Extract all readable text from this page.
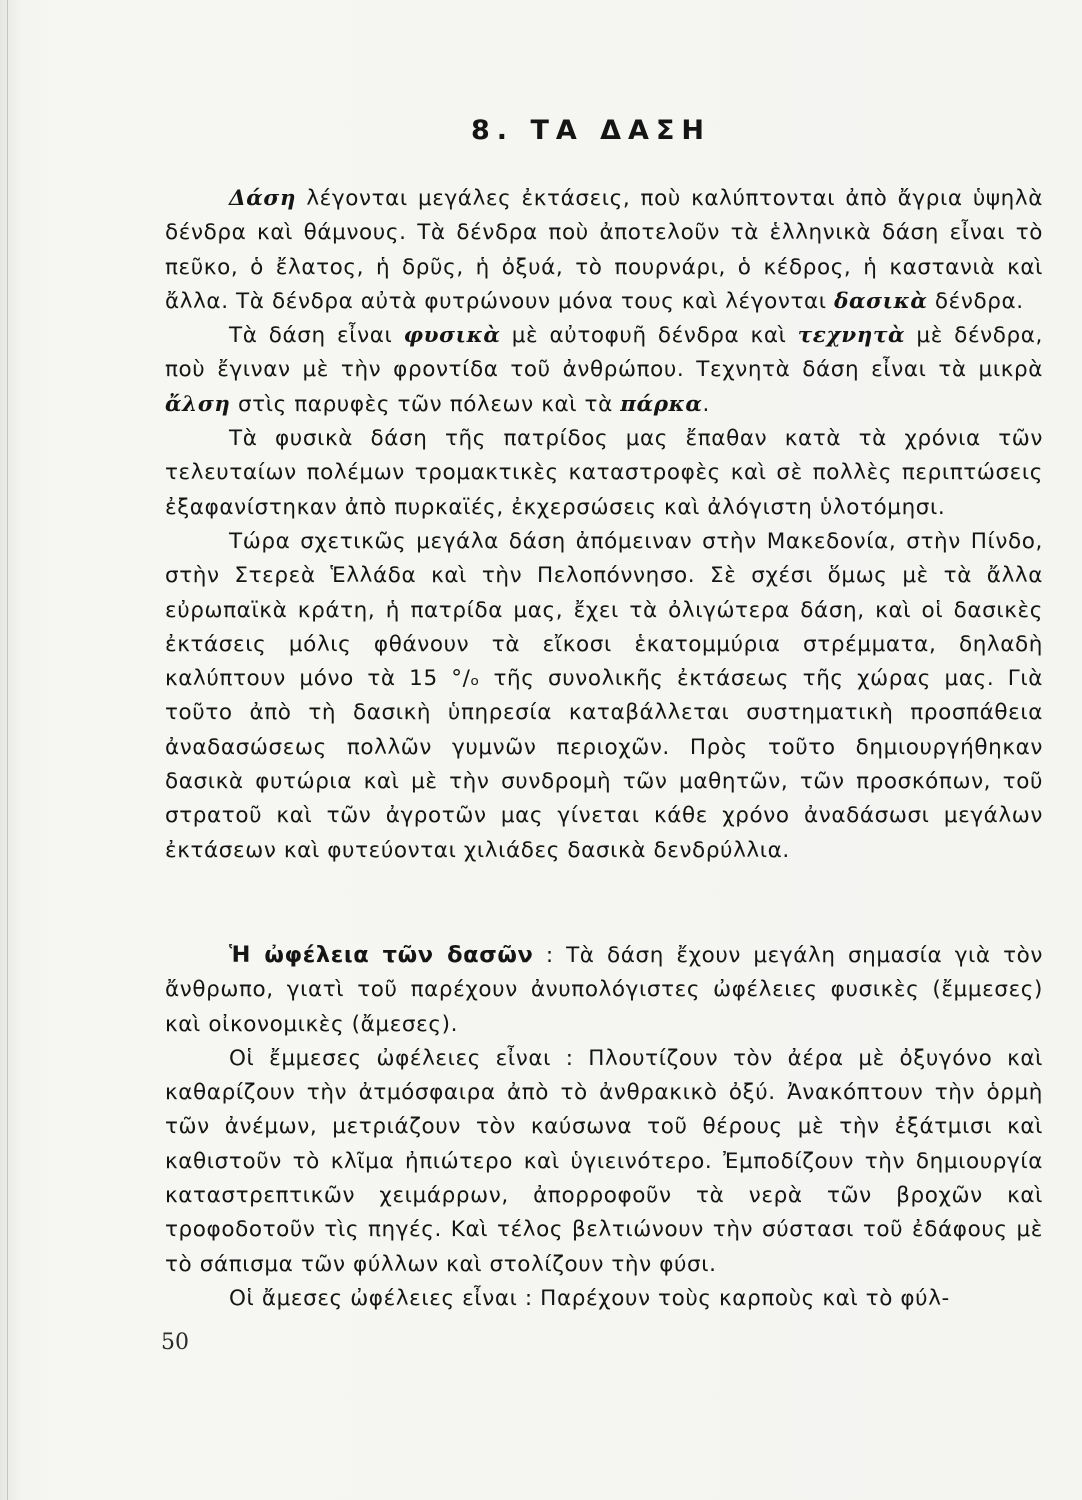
8. ΤΑ ΔΑΣΗ

Δάση λέγονται μεγάλες ἐκτάσεις, ποὺ καλύπτονται ἀπὸ ἄγρια ὑψηλὰ δένδρα καὶ θάμνους. Τὰ δένδρα ποὺ ἀποτελοῦν τὰ ἑλληνικὰ δάση εἶναι τὸ πεῦκο, ὁ ἔλατος, ἡ δρῦς, ἡ ὀξυά, τὸ πουρνάρι, ὁ κέδρος, ἡ καστανιὰ καὶ ἄλλα. Τὰ δένδρα αὐτὰ φυτρώνουν μόνα τους καὶ λέγονται δασικὰ δένδρα.

Τὰ δάση εἶναι φυσικὰ μὲ αὐτοφυῆ δένδρα καὶ τεχνητὰ μὲ δένδρα, ποὺ ἔγιναν μὲ τὴν φροντίδα τοῦ ἀνθρώπου. Τεχνητὰ δάση εἶναι τὰ μικρὰ ἄλση στὶς παρυφὲς τῶν πόλεων καὶ τὰ πάρκα.

Τὰ φυσικὰ δάση τῆς πατρίδος μας ἔπαθαν κατὰ τὰ χρόνια τῶν τελευταίων πολέμων τρομακτικὲς καταστροφὲς καὶ σὲ πολλὲς περιπτώσεις ἐξαφανίστηκαν ἀπὸ πυρκαϊές, ἐκχερσώσεις καὶ ἀλόγιστη ὑλοτόμησι.

Τώρα σχετικῶς μεγάλα δάση ἀπόμειναν στὴν Μακεδονία, στὴν Πίνδο, στὴν Στερεὰ Ἑλλάδα καὶ τὴν Πελοπόννησο. Σὲ σχέσι ὅμως μὲ τὰ ἄλλα εὐρωπαϊκὰ κράτη, ἡ πατρίδα μας, ἔχει τὰ ὀλιγώτερα δάση, καὶ οἱ δασικὲς ἐκτάσεις μόλις φθάνουν τὰ εἴκοσι ἑκατομμύρια στρέμματα, δηλαδὴ καλύπτουν μόνο τὰ 15 °/ₒ τῆς συνολικῆς ἐκτάσεως τῆς χώρας μας. Γιὰ τοῦτο ἀπὸ τὴ δασικὴ ὑπηρεσία καταβάλλεται συστηματικὴ προσπάθεια ἀναδασώσεως πολλῶν γυμνῶν περιοχῶν. Πρὸς τοῦτο δημιουργήθηκαν δασικὰ φυτώρια καὶ μὲ τὴν συνδρομὴ τῶν μαθητῶν, τῶν προσκόπων, τοῦ στρατοῦ καὶ τῶν ἀγροτῶν μας γίνεται κάθε χρόνο ἀναδάσωσι μεγάλων ἐκτάσεων καὶ φυτεύονται χιλιάδες δασικὰ δενδρύλλια.

Ἡ ὠφέλεια τῶν δασῶν : Τὰ δάση ἔχουν μεγάλη σημασία γιὰ τὸν ἄνθρωπο, γιατὶ τοῦ παρέχουν ἀνυπολόγιστες ὠφέλειες φυσικὲς (ἔμμεσες) καὶ οἰκονομικὲς (ἄμεσες).

Οἱ ἔμμεσες ὠφέλειες εἶναι : Πλουτίζουν τὸν ἀέρα μὲ ὀξυγόνο καὶ καθαρίζουν τὴν ἀτμόσφαιρα ἀπὸ τὸ ἀνθρακικὸ ὀξύ. Ἀνακόπτουν τὴν ὁρμὴ τῶν ἀνέμων, μετριάζουν τὸν καύσωνα τοῦ θέρους μὲ τὴν ἐξάτμισι καὶ καθιστοῦν τὸ κλῖμα ἠπιώτερο καὶ ὑγιεινότερο. Ἐμποδίζουν τὴν δημιουργία καταστρεπτικῶν χειμάρρων, ἀπορροφοῦν τὰ νερὰ τῶν βροχῶν καὶ τροφοδοτοῦν τὶς πηγές. Καὶ τέλος βελτιώνουν τὴν σύστασι τοῦ ἐδάφους μὲ τὸ σάπισμα τῶν φύλλων καὶ στολίζουν τὴν φύσι.

Οἱ ἄμεσες ὠφέλειες εἶναι : Παρέχουν τοὺς καρποὺς καὶ τὸ φύλ-

50
